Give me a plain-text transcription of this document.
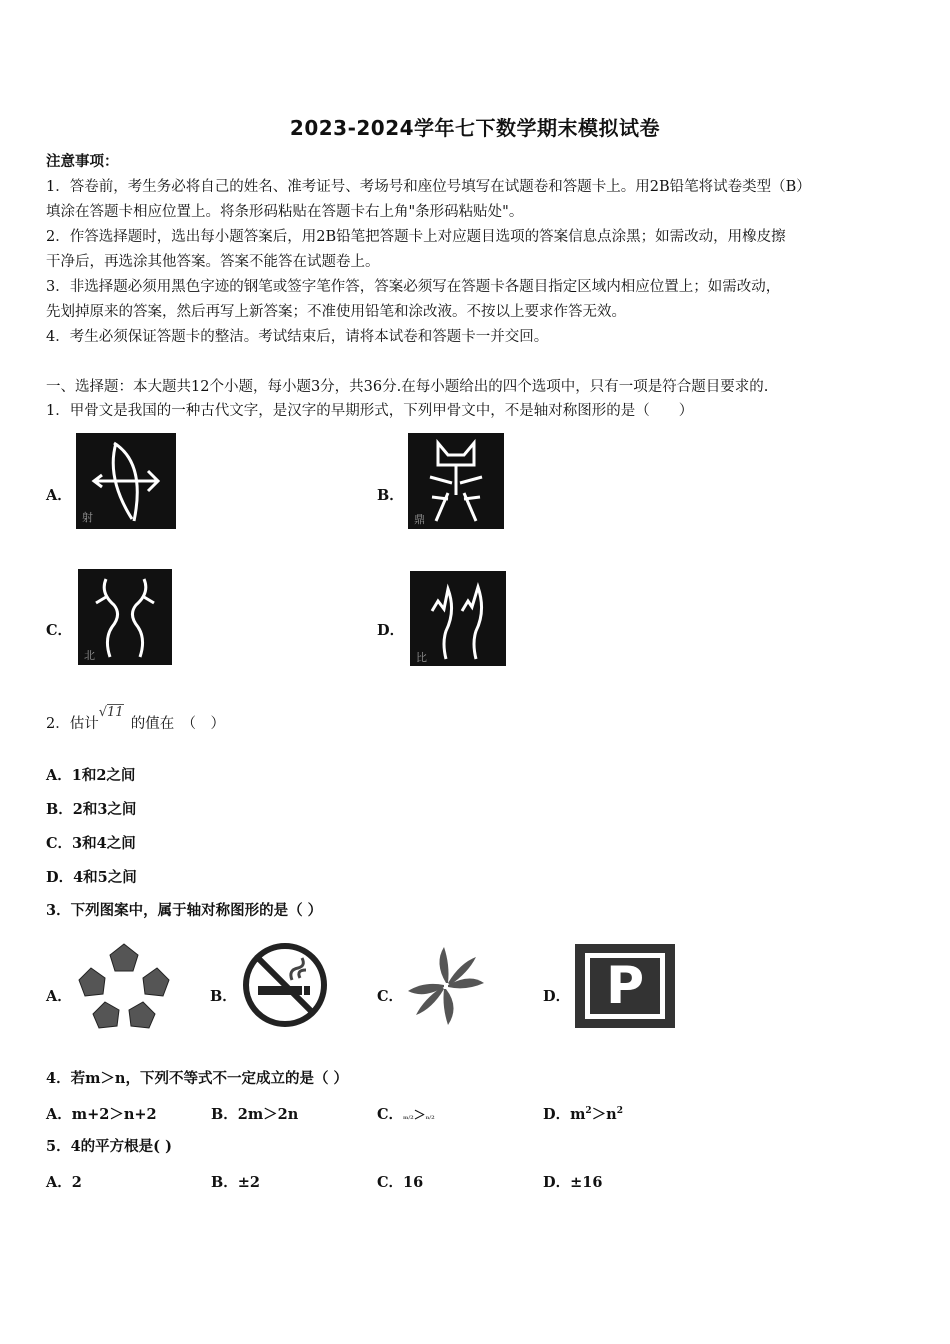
2023-2024学年七下数学期末模拟试卷
注意事项：
1．答卷前，考生务必将自己的姓名、准考证号、考场号和座位号填写在试题卷和答题卡上。用2B铅笔将试卷类型（B）
填涂在答题卡相应位置上。将条形码粘贴在答题卡右上角"条形码粘贴处"。
2．作答选择题时，选出每小题答案后，用2B铅笔把答题卡上对应题目选项的答案信息点涂黑；如需改动，用橡皮擦
干净后，再选涂其他答案。答案不能答在试题卷上。
3．非选择题必须用黑色字迹的钢笔或签字笔作答，答案必须写在答题卡各题目指定区域内相应位置上；如需改动，
先划掉原来的答案，然后再写上新答案；不准使用铅笔和涂改液。不按以上要求作答无效。
4．考生必须保证答题卡的整洁。考试结束后，请将本试卷和答题卡一并交回。
一、选择题：本大题共12个小题，每小题3分，共36分.在每小题给出的四个选项中，只有一项是符合题目要求的.
1．甲骨文是我国的一种古代文字，是汉字的早期形式，下列甲骨文中，不是轴对称图形的是（　　）
A．
射
B．
鼎
C．
北
D．
比
2．估计√11的值在　（　）
A．1和2之间
B．2和3之间
C．3和4之间
D．4和5之间
3．下列图案中，属于轴对称图形的是（ ）
A．	B．	C．	D． P
4．若m＞n，下列不等式不一定成立的是（ ）
A．m+2＞n+2	B．2m＞2n	C．m/2＞n/2	D．$m^2>n^2$
5．4的平方根是( )
A．2	B．±2	C．16	D．±16
